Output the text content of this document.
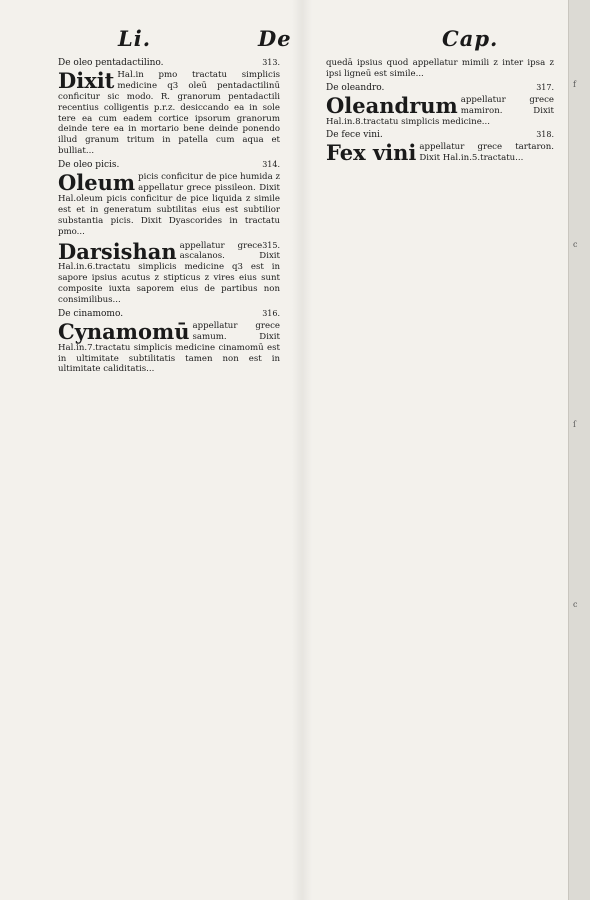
Li.	De	Cap.
313.
De oleo pentadactilino.
Dixit Hal.in pmo tractatu simplicis medicine q3 oleū pentadactilinū conficitur sic modo. R. granorum pentadactili recentius colligentis p.r.z. desiccando ea in sole tere ea cum eadem cortice ipsorum granorum deinde tere ea in mortario bene deinde ponendo illud granum tritum in patella cum aqua et bulliat...
314.
De oleo picis.
Oleum picis conficitur de pice humida z appellatur grece pissileon. Dixit Hal.oleum picis conficitur de pice liquida z simile est et in generatum subtilitas eius est subtilior substantia picis. Dixit Dyascorides in tractatu pmo...
315.
Darsishan appellatur grece ascalanos. Dixit Hal.in.6.tractatu simplicis medicine q3 est in sapore ipsius acutus z stipticus z vires eius sunt composite iuxta saporem eius de partibus non consimilibus...
316.
De cinamomo.
Cynamomū appellatur grece samum. Dixit Hal.in.7.tractatu simplicis medicine cinamomū est in ultimitate subtilitatis tamen non est in ultimitate caliditatis...
quedā ipsius quod appellatur mimili z inter ipsa z ipsi ligneū est simile...
317.
De oleandro.
Oleandrum appellatur grece mamiron. Dixit Hal.in.8.tractatu simplicis medicine...
318.
De fece vini.
Fex vini appellatur grece tartaron. Dixit Hal.in.5.tractatu...
f
c
ſ
c
